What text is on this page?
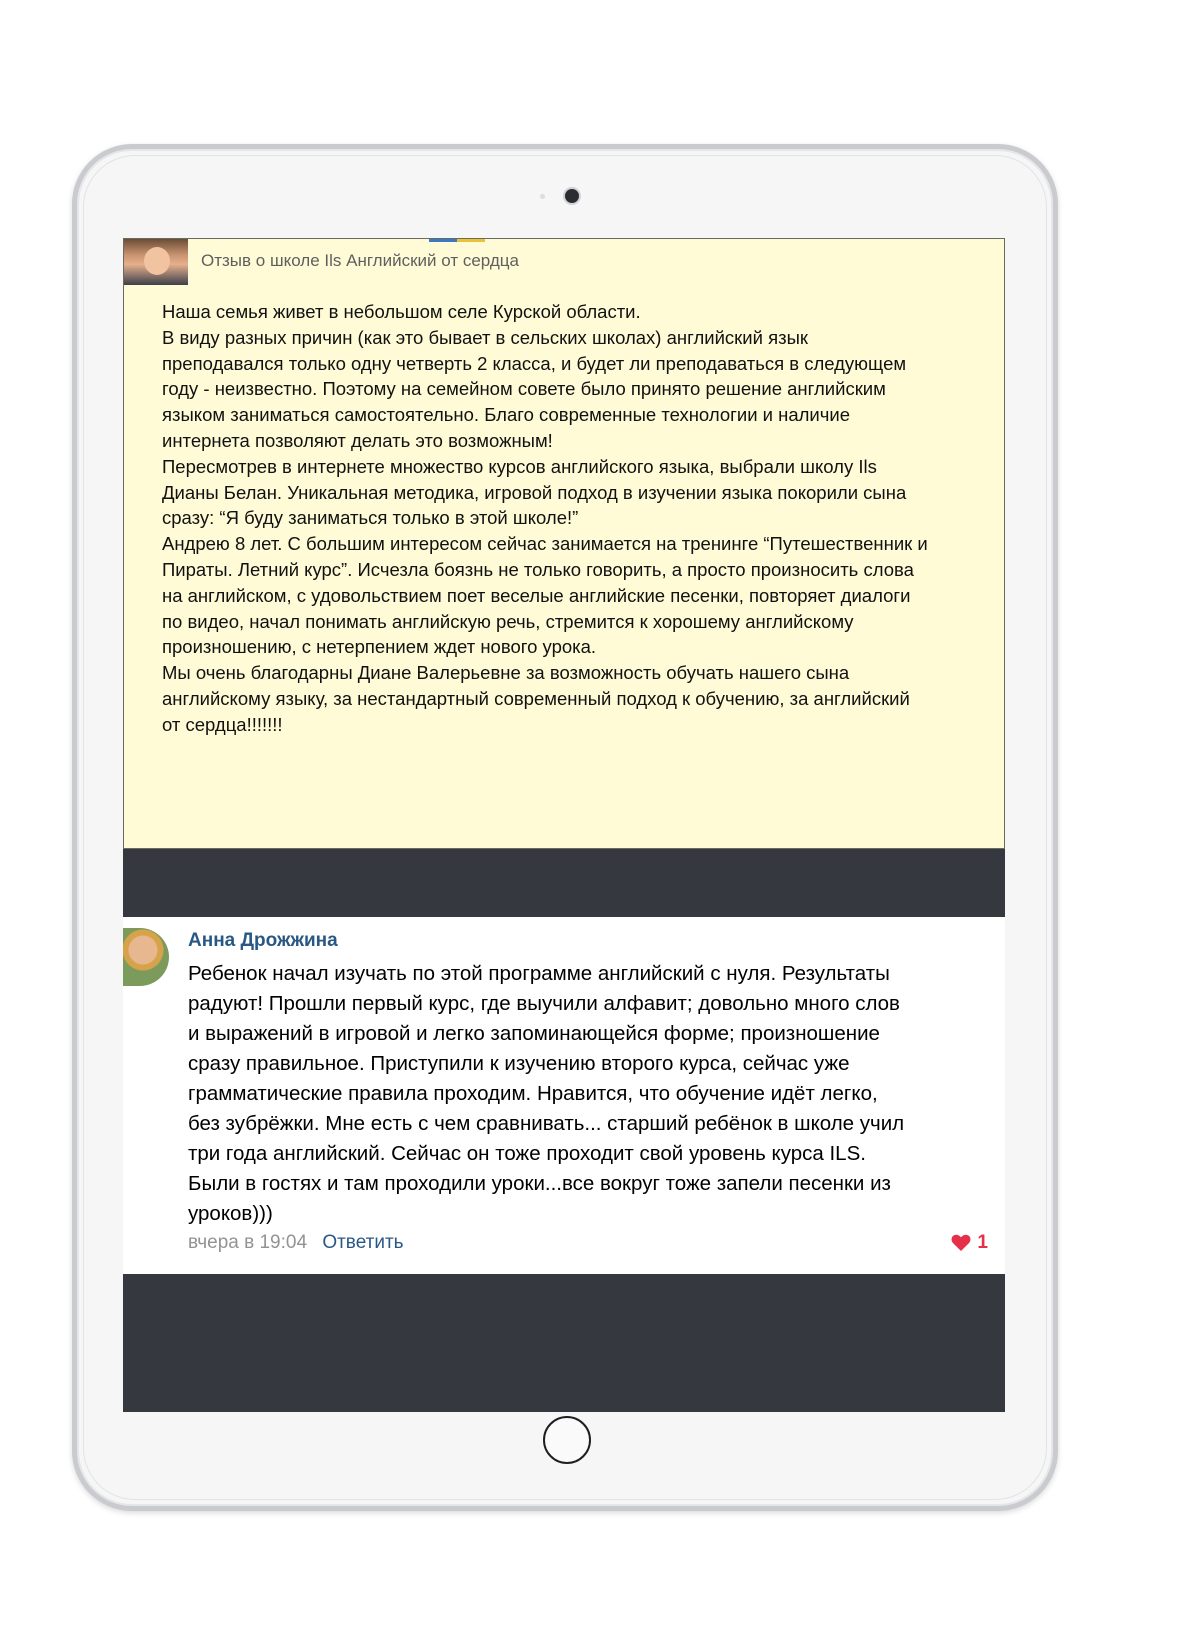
Отзыв о школе Ils Английский от сердца

Наша семья живет в небольшом селе Курской области.

В виду разных причин (как это бывает в сельских школах) английский язык

преподавался только одну четверть 2 класса, и будет ли преподаваться в следующем

году - неизвестно. Поэтому на семейном совете было принято решение английским

языком заниматься самостоятельно. Благо современные технологии и наличие

интернета позволяют делать это возможным!

Пересмотрев в интернете множество курсов английского языка, выбрали школу Ils

Дианы Белан. Уникальная методика, игровой подход в изучении языка покорили сына

сразу: “Я буду заниматься только в этой школе!”

Андрею 8 лет. С большим интересом сейчас занимается на тренинге “Путешественник и

Пираты. Летний курс”. Исчезла боязнь не только говорить, а просто произносить слова

на английском, с удовольствием поет веселые английские песенки, повторяет диалоги

по видео, начал понимать английскую речь, стремится к хорошему английскому

произношению, с нетерпением ждет нового урока.

Мы очень благодарны Диане Валерьевне за возможность обучать нашего сына

английскому языку, за нестандартный современный подход к обучению, за английский

от сердца!!!!!!!

Анна Дрожжина
Ребенок начал изучать по этой программе английский с нуля. Результаты
радуют! Прошли первый курс, где выучили алфавит; довольно много слов
и выражений в игровой и легко запоминающейся форме; произношение
сразу правильное. Приступили к изучению второго курса, сейчас уже
грамматические правила проходим. Нравится, что обучение идёт легко,
без зубрёжки. Мне есть с чем сравнивать... старший ребёнок в школе учил
три года английский. Сейчас он тоже проходит свой уровень курса ILS.
Были в гостях и там проходили уроки...все вокруг тоже запели песенки из
уроков)))
вчера в 19:04 Ответить	1
